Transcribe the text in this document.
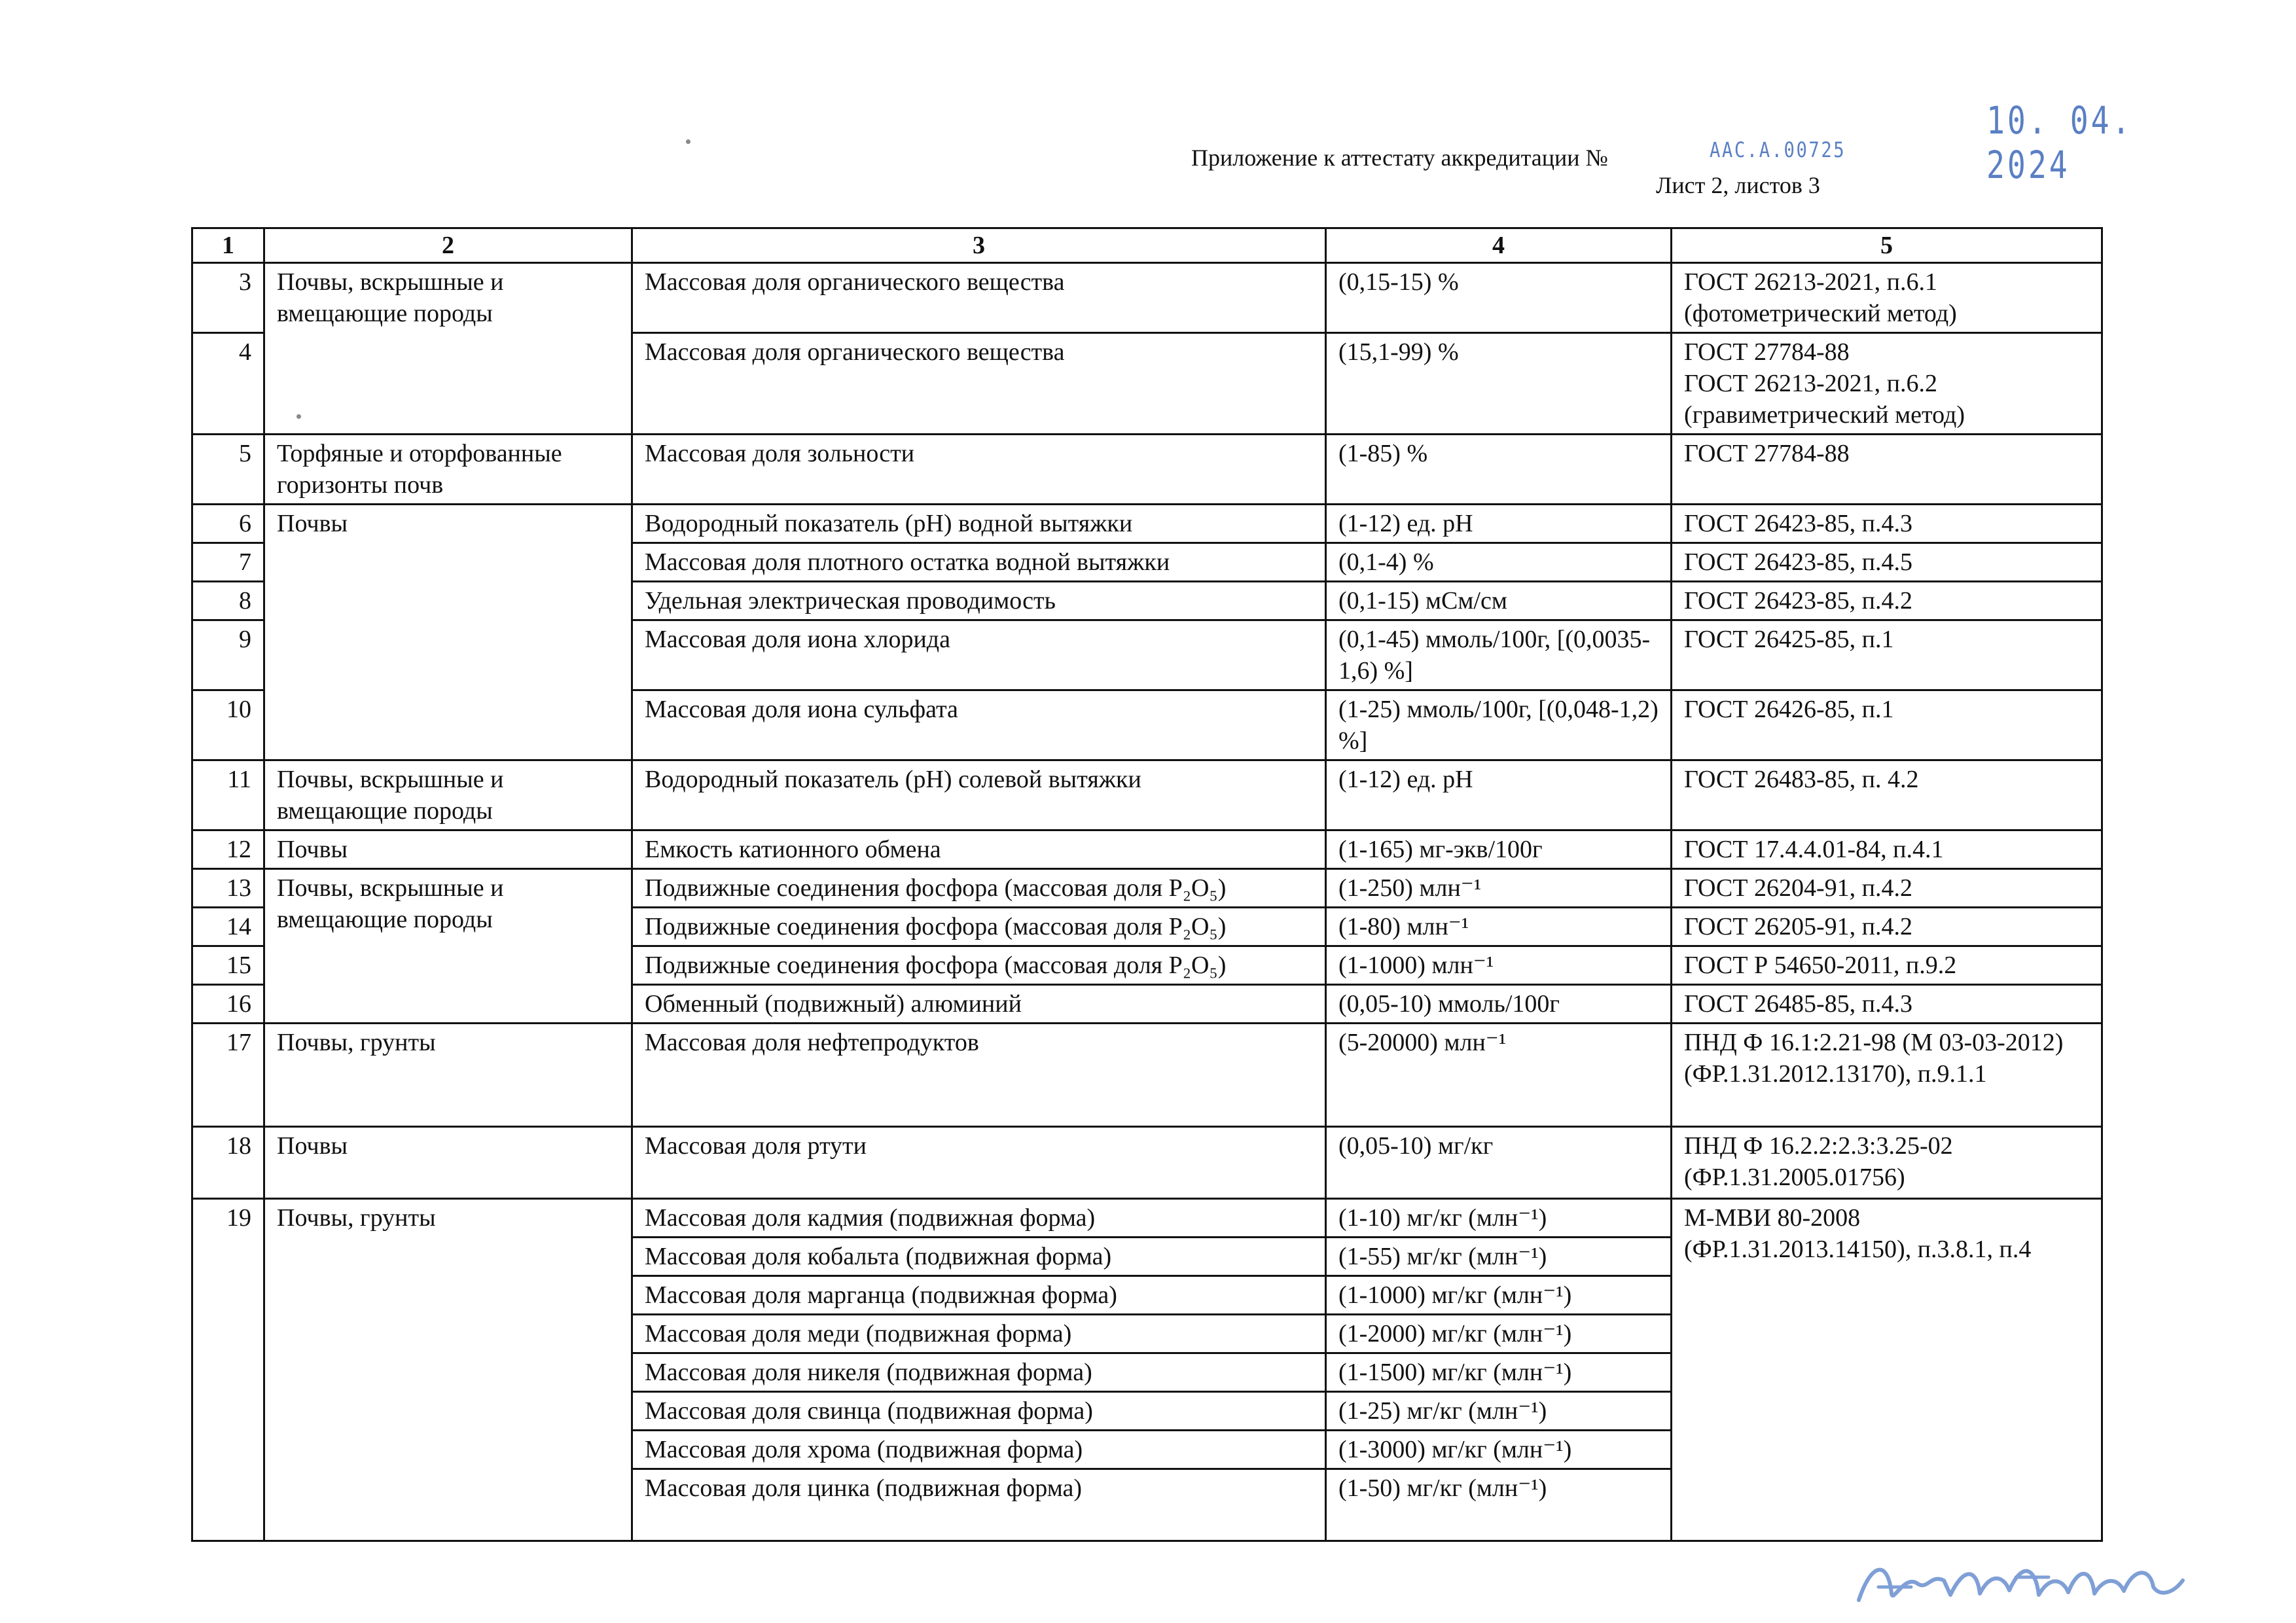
10. 04. 2024
AAC.A.00725
Приложение к аттестату аккредитации №
Лист 2, листов 3
1	2	3	4	5
3	Почвы, вскрышные и вмещающие породы	Массовая доля органического вещества	(0,15-15) %	ГОСТ 26213-2021, п.6.1 (фотометрический метод)
4		Массовая доля органического вещества	(15,1-99) %	ГОСТ 27784-88
ГОСТ 26213-2021, п.6.2
(гравиметрический метод)
5	Торфяные и оторфованные горизонты почв	Массовая доля зольности	(1-85) %	ГОСТ 27784-88
6	Почвы	Водородный показатель (рН) водной вытяжки	(1-12) ед. рН	ГОСТ 26423-85, п.4.3
7		Массовая доля плотного остатка водной вытяжки	(0,1-4) %	ГОСТ 26423-85, п.4.5
8		Удельная электрическая проводимость	(0,1-15) мСм/см	ГОСТ 26423-85, п.4.2
9		Массовая доля иона хлорида	(0,1-45) ммоль/100г, [(0,0035-1,6) %]	ГОСТ 26425-85, п.1
10		Массовая доля иона сульфата	(1-25) ммоль/100г, [(0,048-1,2) %]	ГОСТ 26426-85, п.1
11	Почвы, вскрышные и вмещающие породы	Водородный показатель (рН) солевой вытяжки	(1-12) ед. рН	ГОСТ 26483-85, п. 4.2
12	Почвы	Емкость катионного обмена	(1-165) мг-экв/100г	ГОСТ 17.4.4.01-84, п.4.1
13	Почвы, вскрышные и вмещающие породы	Подвижные соединения фосфора (массовая доля P₂O₅)	(1-250) млн⁻¹	ГОСТ 26204-91, п.4.2
14		Подвижные соединения фосфора (массовая доля P₂O₅)	(1-80) млн⁻¹	ГОСТ 26205-91, п.4.2
15		Подвижные соединения фосфора (массовая доля P₂O₅)	(1-1000) млн⁻¹	ГОСТ Р 54650-2011, п.9.2
16		Обменный (подвижный) алюминий	(0,05-10) ммоль/100г	ГОСТ 26485-85, п.4.3
17	Почвы, грунты	Массовая доля нефтепродуктов	(5-20000) млн⁻¹	ПНД Ф 16.1:2.21-98 (М 03-03-2012) (ФР.1.31.2012.13170), п.9.1.1
18	Почвы	Массовая доля ртути	(0,05-10) мг/кг	ПНД Ф 16.2.2:2.3:3.25-02 (ФР.1.31.2005.01756)
19	Почвы, грунты	Массовая доля кадмия (подвижная форма)	(1-10) мг/кг (млн⁻¹)	М-МВИ 80-2008 (ФР.1.31.2013.14150), п.3.8.1, п.4
		Массовая доля кобальта (подвижная форма)	(1-55) мг/кг (млн⁻¹)	
		Массовая доля марганца (подвижная форма)	(1-1000) мг/кг (млн⁻¹)	
		Массовая доля меди (подвижная форма)	(1-2000) мг/кг (млн⁻¹)	
		Массовая доля никеля (подвижная форма)	(1-1500) мг/кг (млн⁻¹)	
		Массовая доля свинца (подвижная форма)	(1-25) мг/кг (млн⁻¹)	
		Массовая доля хрома (подвижная форма)	(1-3000) мг/кг (млн⁻¹)	
		Массовая доля цинка (подвижная форма)	(1-50) мг/кг (млн⁻¹)	
